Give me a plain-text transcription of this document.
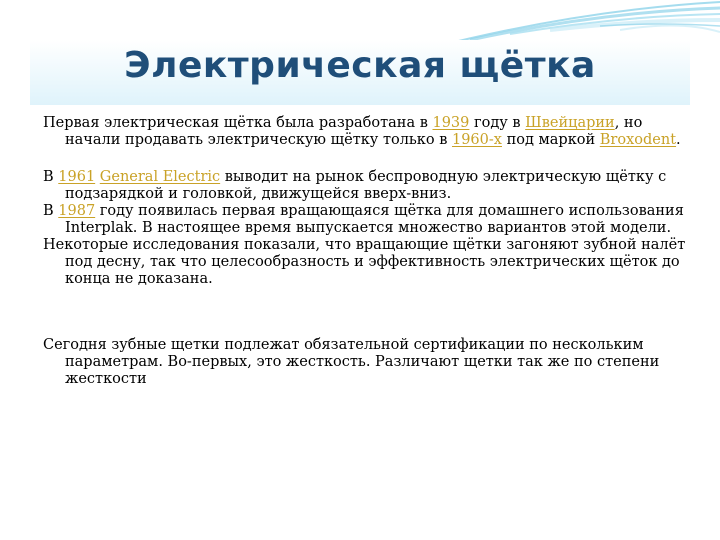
Электрическая щётка

Первая электрическая щётка была разработана в 1939 году в Швейцарии, но начали продавать электрическую щётку только в 1960-х под маркой Broxodent.

В 1961 General Electric выводит на рынок беспроводную электрическую щётку с подзарядкой и головкой, движущейся вверх-вниз.

В 1987 году появилась первая вращающаяся щётка для домашнего использования Interplak. В настоящее время выпускается множество вариантов этой модели.

Некоторые исследования показали, что вращающие щётки загоняют зубной налёт под десну, так что целесообразность и эффективность электрических щёток до конца не доказана.

Сегодня зубные щетки подлежат обязательной сертификации по нескольким параметрам. Во-первых, это жесткость. Различают щетки так же по степени жесткости
